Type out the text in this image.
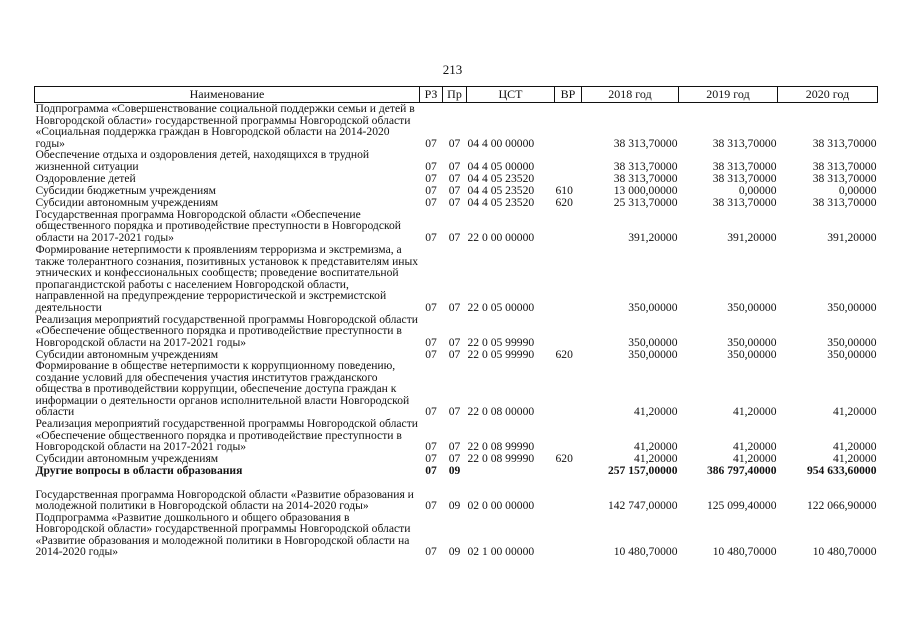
213
Наименование	РЗ	Пр	ЦСТ	ВР	2018 год	2019 год	2020 год
Подпрограмма «Совершенствование социальной поддержки семьи и детей в Новгородской области» государственной программы Новгородской области «Социальная поддержка граждан в Новгородской области на 2014-2020 годы»	07	07	04 4 00 00000		38 313,70000	38 313,70000	38 313,70000
Обеспечение отдыха и оздоровления детей, находящихся в трудной жизненной ситуации	07	07	04 4 05 00000		38 313,70000	38 313,70000	38 313,70000
Оздоровление детей	07	07	04 4 05 23520		38 313,70000	38 313,70000	38 313,70000
Субсидии бюджетным учреждениям	07	07	04 4 05 23520	610	13 000,00000	0,00000	0,00000
Субсидии автономным учреждениям	07	07	04 4 05 23520	620	25 313,70000	38 313,70000	38 313,70000
Государственная программа Новгородской области «Обеспечение общественного порядка и противодействие преступности в Новгородской области на 2017-2021 годы»	07	07	22 0 00 00000		391,20000	391,20000	391,20000
Формирование нетерпимости к проявлениям терроризма и экстремизма, а также толерантного сознания, позитивных установок к представителям иных этнических и конфессиональных сообществ; проведение воспитательной пропагандистской работы с населением Новгородской области, направленной на предупреждение террористической и экстремистской деятельности	07	07	22 0 05 00000		350,00000	350,00000	350,00000
Реализация мероприятий государственной программы Новгородской области «Обеспечение общественного порядка и противодействие преступности в Новгородской области на 2017-2021 годы»	07	07	22 0 05 99990		350,00000	350,00000	350,00000
Субсидии автономным учреждениям	07	07	22 0 05 99990	620	350,00000	350,00000	350,00000
Формирование в обществе нетерпимости к коррупционному поведению, создание условий для обеспечения участия институтов гражданского общества в противодействии коррупции, обеспечение доступа граждан к информации о деятельности органов исполнительной власти Новгородской области	07	07	22 0 08 00000		41,20000	41,20000	41,20000
Реализация мероприятий государственной программы Новгородской области «Обеспечение общественного порядка и противодействие преступности в Новгородской области на 2017-2021 годы»	07	07	22 0 08 99990		41,20000	41,20000	41,20000
Субсидии автономным учреждениям	07	07	22 0 08 99990	620	41,20000	41,20000	41,20000
Другие вопросы в области образования	07	09			257 157,00000	386 797,40000	954 633,60000
Государственная программа Новгородской области «Развитие образования и молодежной политики в Новгородской области на 2014-2020 годы»	07	09	02 0 00 00000		142 747,00000	125 099,40000	122 066,90000
Подпрограмма «Развитие дошкольного и общего образования в Новгородской области» государственной программы Новгородской области «Развитие образования и молодежной политики в Новгородской области на 2014-2020 годы»	07	09	02 1 00 00000		10 480,70000	10 480,70000	10 480,70000
